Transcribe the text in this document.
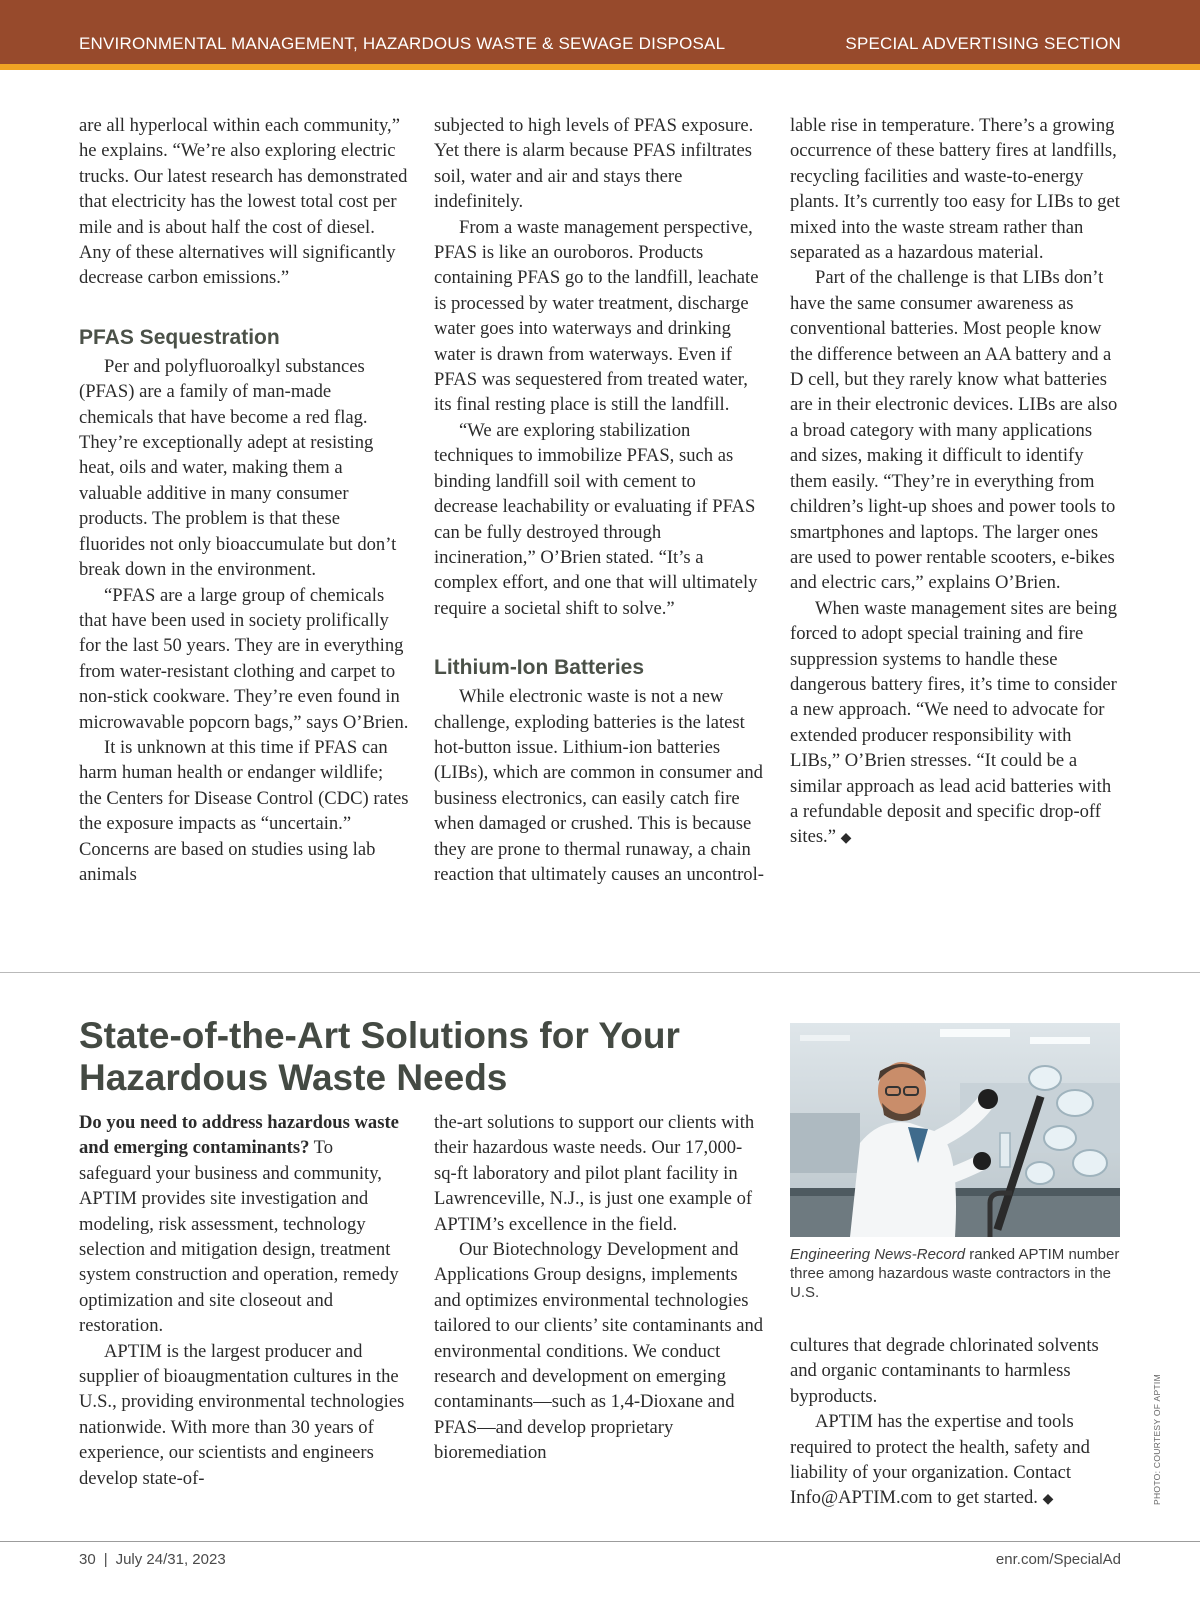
ENVIRONMENTAL MANAGEMENT, HAZARDOUS WASTE & SEWAGE DISPOSAL	SPECIAL ADVERTISING SECTION

are all hyperlocal within each community,” he explains. “We’re also exploring electric trucks. Our latest research has demonstrated that electricity has the lowest total cost per mile and is about half the cost of diesel. Any of these alternatives will significantly decrease carbon emissions.”

PFAS Sequestration

Per and polyfluoroalkyl substances (PFAS) are a family of man-made chemicals that have become a red flag. They’re exceptionally adept at resisting heat, oils and water, making them a valuable additive in many consumer products. The problem is that these fluorides not only bioaccumulate but don’t break down in the environment.

“PFAS are a large group of chemicals that have been used in society prolifically for the last 50 years. They are in everything from water-resistant clothing and carpet to non-stick cookware. They’re even found in microwavable popcorn bags,” says O’Brien.

It is unknown at this time if PFAS can harm human health or endanger wildlife; the Centers for Disease Control (CDC) rates the exposure impacts as “uncertain.” Concerns are based on studies using lab animals

subjected to high levels of PFAS exposure. Yet there is alarm because PFAS infiltrates soil, water and air and stays there indefinitely.

From a waste management perspective, PFAS is like an ouroboros. Products containing PFAS go to the landfill, leachate is processed by water treatment, discharge water goes into waterways and drinking water is drawn from waterways. Even if PFAS was sequestered from treated water, its final resting place is still the landfill.

“We are exploring stabilization techniques to immobilize PFAS, such as binding landfill soil with cement to decrease leachability or evaluating if PFAS can be fully destroyed through incineration,” O’Brien stated. “It’s a complex effort, and one that will ultimately require a societal shift to solve.”

Lithium-Ion Batteries

While electronic waste is not a new challenge, exploding batteries is the latest hot-button issue. Lithium-ion batteries (LIBs), which are common in consumer and business electronics, can easily catch fire when damaged or crushed. This is because they are prone to thermal runaway, a chain reaction that ultimately causes an uncontrol-

lable rise in temperature. There’s a growing occurrence of these battery fires at landfills, recycling facilities and waste-to-energy plants. It’s currently too easy for LIBs to get mixed into the waste stream rather than separated as a hazardous material.

Part of the challenge is that LIBs don’t have the same consumer awareness as conventional batteries. Most people know the difference between an AA battery and a D cell, but they rarely know what batteries are in their electronic devices. LIBs are also a broad category with many applications and sizes, making it difficult to identify them easily. “They’re in everything from children’s light-up shoes and power tools to smartphones and laptops. The larger ones are used to power rentable scooters, e-bikes and electric cars,” explains O’Brien.

When waste management sites are being forced to adopt special training and fire suppression systems to handle these dangerous battery fires, it’s time to consider a new approach. “We need to advocate for extended producer responsibility with LIBs,” O’Brien stresses. “It could be a similar approach as lead acid batteries with a refundable deposit and specific drop-off sites.” ◆

State-of-the-Art Solutions for Your Hazardous Waste Needs

Do you need to address hazardous waste and emerging contaminants? To safeguard your business and community, APTIM provides site investigation and modeling, risk assessment, technology selection and mitigation design, treatment system construction and operation, remedy optimization and site closeout and restoration.

APTIM is the largest producer and supplier of bioaugmentation cultures in the U.S., providing environmental technologies nationwide. With more than 30 years of experience, our scientists and engineers develop state-of-

the-art solutions to support our clients with their hazardous waste needs. Our 17,000-sq-ft laboratory and pilot plant facility in Lawrenceville, N.J., is just one example of APTIM’s excellence in the field.

Our Biotechnology Development and Applications Group designs, implements and optimizes environmental technologies tailored to our clients’ site contaminants and environmental conditions. We conduct research and development on emerging contaminants—such as 1,4-Dioxane and PFAS—and develop proprietary bioremediation

Engineering News-Record ranked APTIM number three among hazardous waste contractors in the U.S.

cultures that degrade chlorinated solvents and organic contaminants to harmless byproducts.

APTIM has the expertise and tools required to protect the health, safety and liability of your organization. Contact Info@APTIM.com to get started. ◆	PHOTO: COURTESY OF APTIM
30 | July 24/31, 2023	enr.com/SpecialAd
